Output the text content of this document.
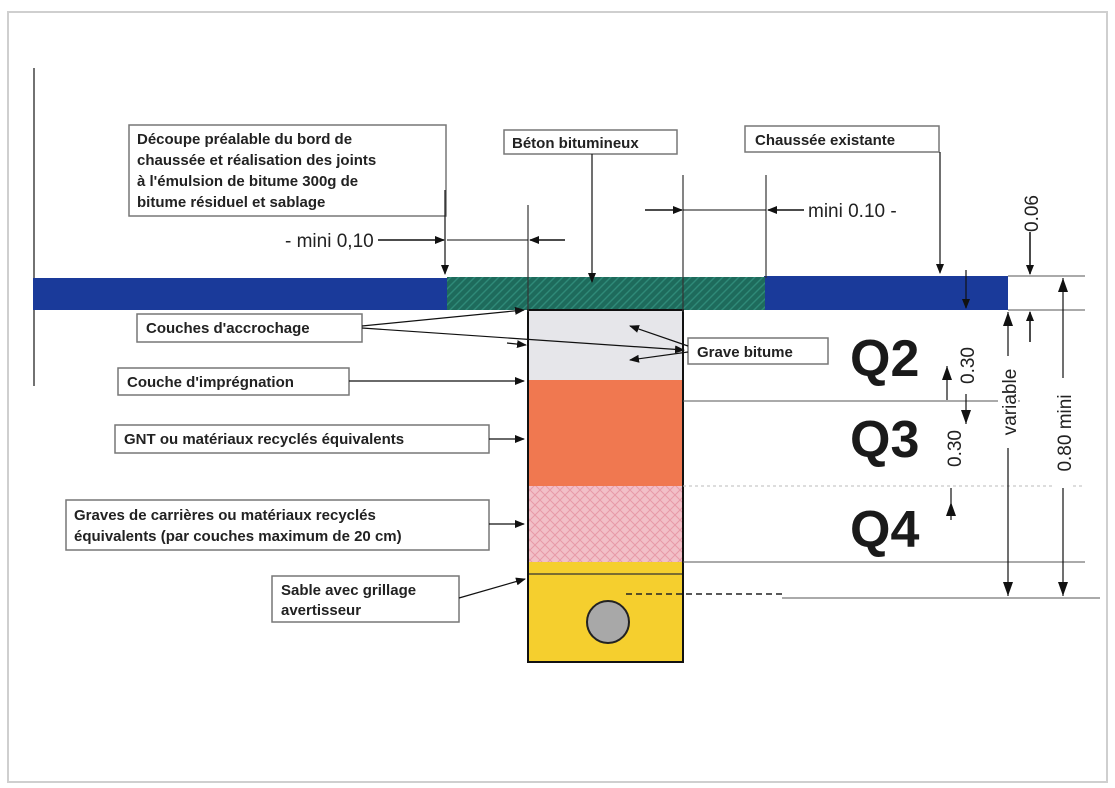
- mini 0,10
mini 0.10 -	0.06
0.80 mini
variable
0.30
0.30
Q2
Q3
Q4
Découpe préalable du bord de
chaussée et réalisation des joints
à l'émulsion de bitume 300g de
bitume résiduel et sablage
Béton bitumineux	Chaussée existante
Couches d'accrochage
Grave bitume
Couche d'imprégnation
GNT ou matériaux recyclés équivalents
Graves de carrières ou matériaux recyclés
équivalents (par couches maximum de 20 cm)
Sable avec grillage
avertisseur
